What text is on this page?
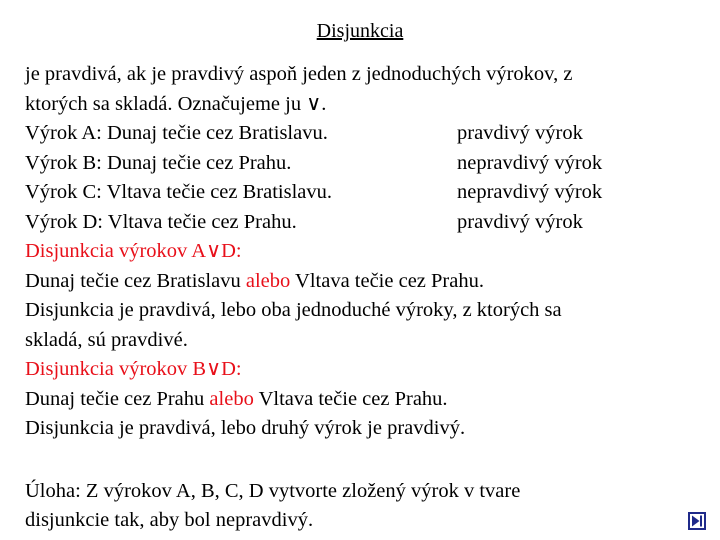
Disjunkcia
je pravdivá, ak je pravdivý aspoň jeden z jednoduchých výrokov, z
ktorých sa skladá. Označujeme ju ∨.
Výrok A: Dunaj tečie cez Bratislavu.	pravdivý výrok
Výrok B: Dunaj tečie cez Prahu.	nepravdivý výrok
Výrok C: Vltava tečie cez Bratislavu.	nepravdivý výrok
Výrok D: Vltava tečie cez Prahu.	pravdivý výrok
Disjunkcia výrokov A∨D:
Dunaj tečie cez Bratislavu alebo Vltava tečie cez Prahu.
Disjunkcia je pravdivá, lebo oba jednoduché výroky, z ktorých sa
skladá, sú pravdivé.
Disjunkcia výrokov B∨D:
Dunaj tečie cez Prahu alebo Vltava tečie cez Prahu.
Disjunkcia je pravdivá, lebo druhý výrok je pravdivý.
Úloha: Z výrokov A, B, C, D vytvorte zložený výrok v tvare
disjunkcie tak, aby bol nepravdivý.
